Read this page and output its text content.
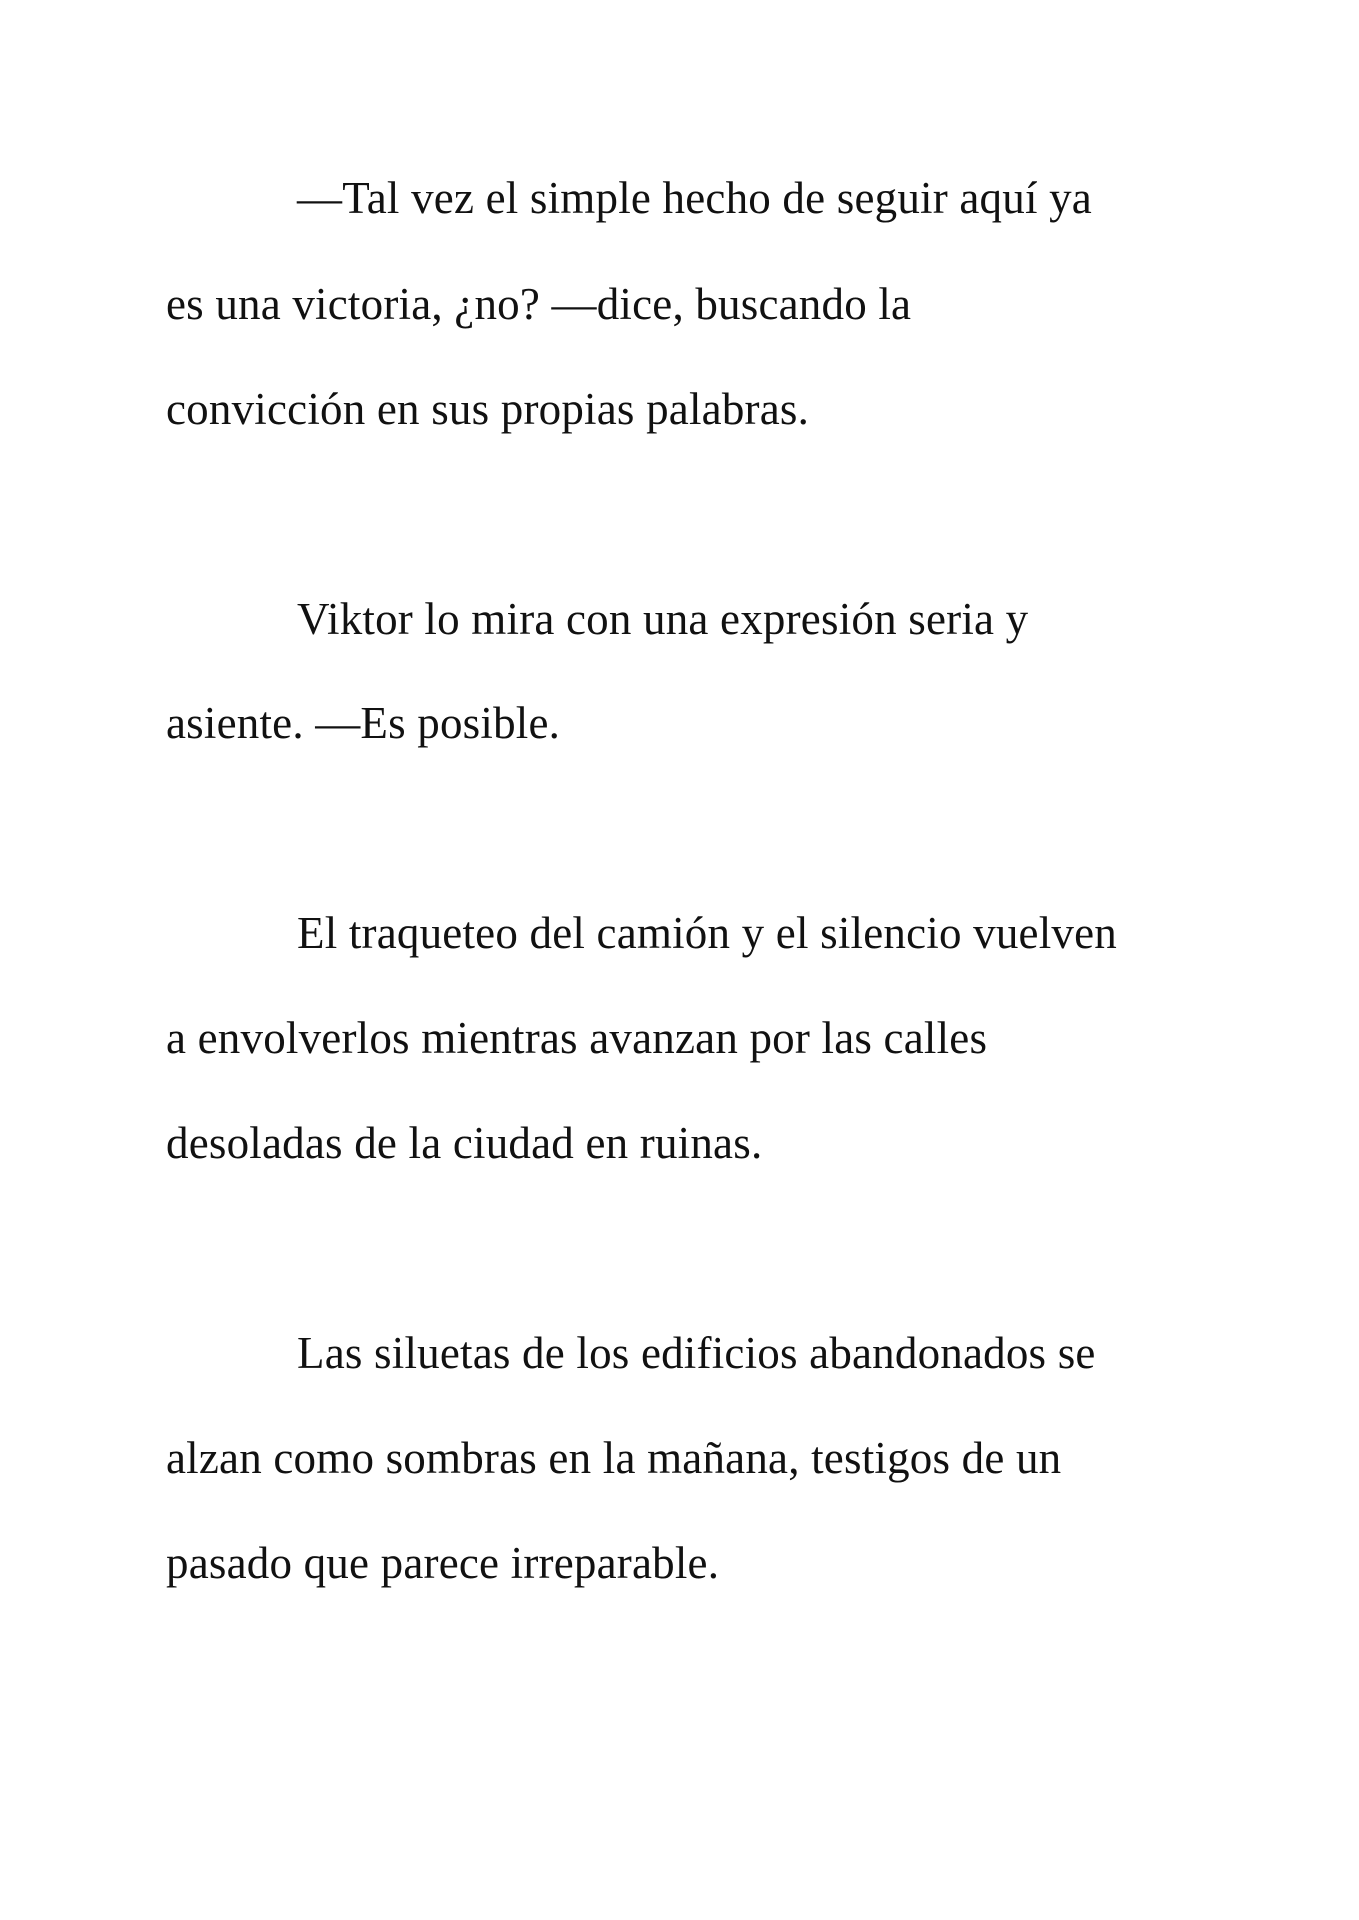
—Tal vez el simple hecho de seguir aquí ya
es una victoria, ¿no? —dice, buscando la
convicción en sus propias palabras.
Viktor lo mira con una expresión seria y
asiente. —Es posible.
El traqueteo del camión y el silencio vuelven
a envolverlos mientras avanzan por las calles
desoladas de la ciudad en ruinas.
Las siluetas de los edificios abandonados se
alzan como sombras en la mañana, testigos de un
pasado que parece irreparable.
